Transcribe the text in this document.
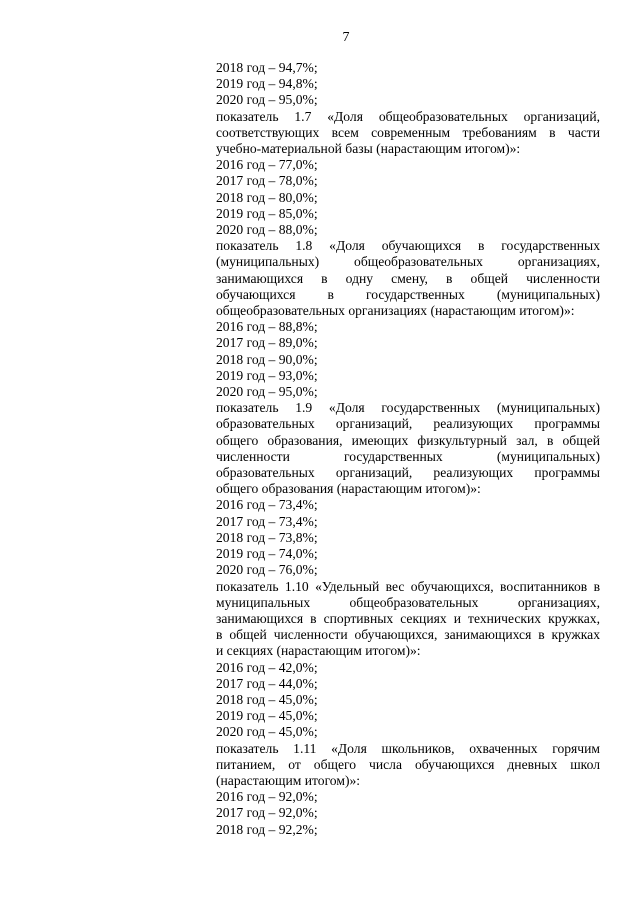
7
2018 год – 94,7%;
2019 год – 94,8%;
2020 год – 95,0%;
показатель 1.7 «Доля общеобразовательных организаций,
соответствующих всем современным требованиям в части
учебно-материальной базы (нарастающим итогом)»:
2016 год – 77,0%;
2017 год – 78,0%;
2018 год – 80,0%;
2019 год – 85,0%;
2020 год – 88,0%;
показатель 1.8 «Доля обучающихся в государственных
(муниципальных) общеобразовательных организациях,
занимающихся в одну смену, в общей численности
обучающихся в государственных (муниципальных)
общеобразовательных организациях (нарастающим итогом)»:
2016 год – 88,8%;
2017 год – 89,0%;
2018 год – 90,0%;
2019 год – 93,0%;
2020 год – 95,0%;
показатель 1.9 «Доля государственных (муниципальных)
образовательных организаций, реализующих программы
общего образования, имеющих физкультурный зал, в общей
численности государственных (муниципальных)
образовательных организаций, реализующих программы
общего образования (нарастающим итогом)»:
2016 год – 73,4%;
2017 год – 73,4%;
2018 год – 73,8%;
2019 год – 74,0%;
2020 год – 76,0%;
показатель 1.10 «Удельный вес обучающихся, воспитанников в
муниципальных общеобразовательных организациях,
занимающихся в спортивных секциях и технических кружках,
в общей численности обучающихся, занимающихся в кружках
и секциях (нарастающим итогом)»:
2016 год – 42,0%;
2017 год – 44,0%;
2018 год – 45,0%;
2019 год – 45,0%;
2020 год – 45,0%;
показатель 1.11 «Доля школьников, охваченных горячим
питанием, от общего числа обучающихся дневных школ
(нарастающим итогом)»:
2016 год – 92,0%;
2017 год – 92,0%;
2018 год – 92,2%;
